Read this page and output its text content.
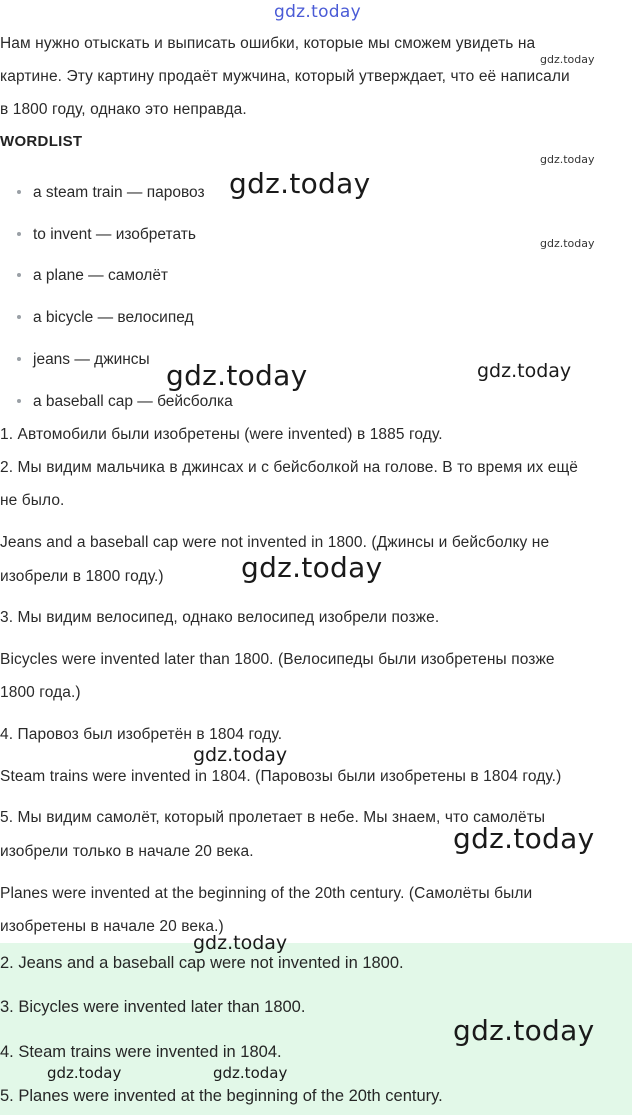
gdz.today
Нам нужно отыскать и выписать ошибки, которые мы сможем увидеть на
картине. Эту картину продаёт мужчина, который утверждает, что её написали
в 1800 году, однако это неправда.
WORDLIST
a steam train — паровоз
to invent — изобретать
a plane — самолёт
a bicycle — велосипед
jeans — джинсы
a baseball cap — бейсболка
1. Автомобили были изобретены (were invented) в 1885 году.
2. Мы видим мальчика в джинсах и с бейсболкой на голове. В то время их ещё
не было.
Jeans and a baseball cap were not invented in 1800. (Джинсы и бейсболку не
изобрели в 1800 году.)
3. Мы видим велосипед, однако велосипед изобрели позже.
Bicycles were invented later than 1800. (Велосипеды были изобретены позже
1800 года.)
4. Паровоз был изобретён в 1804 году.
Steam trains were invented in 1804. (Паровозы были изобретены в 1804 году.)
5. Мы видим самолёт, который пролетает в небе. Мы знаем, что самолёты
изобрели только в начале 20 века.
Planes were invented at the beginning of the 20th century. (Самолёты были
изобретены в начале 20 века.)
2. Jeans and a baseball cap were not invented in 1800.
3. Bicycles were invented later than 1800.
4. Steam trains were invented in 1804.
5. Planes were invented at the beginning of the 20th century.
gdz.today
gdz.today
gdz.today
gdz.today
gdz.today	gdz.today
gdz.today
gdz.today
gdz.today
gdz.today
gdz.today
gdz.today	gdz.today
